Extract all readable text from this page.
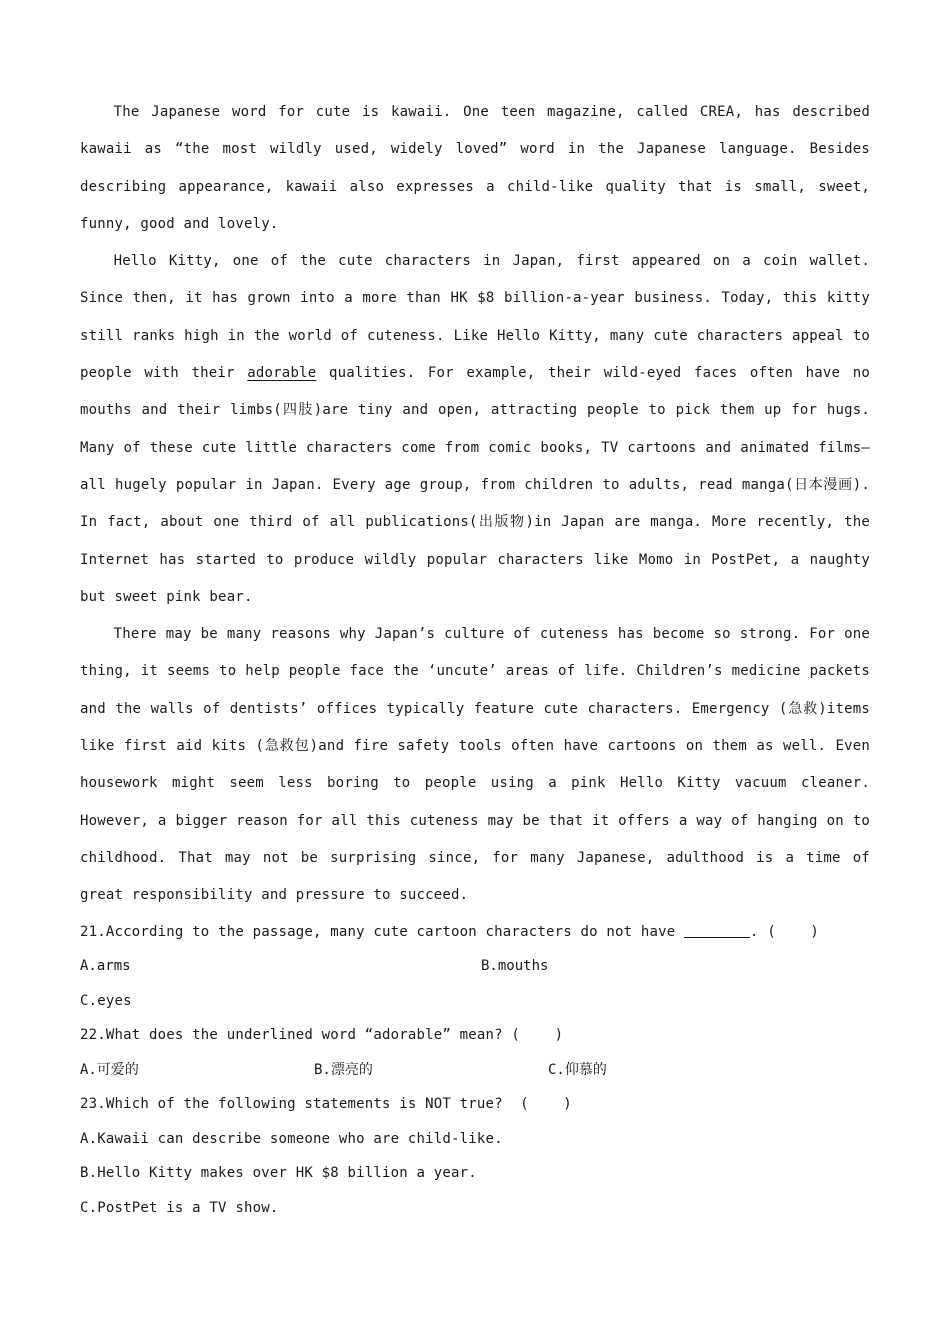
The Japanese word for cute is kawaii. One teen magazine, called CREA, has described kawaii as “the most wildly used, widely loved” word in the Japanese language. Besides describing appearance, kawaii also expresses a child-like quality that is small, sweet, funny, good and lovely.

Hello Kitty, one of the cute characters in Japan, first appeared on a coin wallet. Since then, it has grown into a more than HK $8 billion-a-year business. Today, this kitty still ranks high in the world of cuteness. Like Hello Kitty, many cute characters appeal to people with their adorable qualities. For example, their wild-eyed faces often have no mouths and their limbs(四肢)are tiny and open, attracting people to pick them up for hugs. Many of these cute little characters come from comic books, TV cartoons and animated films—all hugely popular in Japan. Every age group, from children to adults, read manga(日本漫画). In fact, about one third of all publications(出版物)in Japan are manga. More recently, the Internet has started to produce wildly popular characters like Momo in PostPet, a naughty but sweet pink bear.

There may be many reasons why Japan’s culture of cuteness has become so strong. For one thing, it seems to help people face the ‘uncute’ areas of life. Children’s medicine packets and the walls of dentists’ offices typically feature cute characters. Emergency (急救)items like first aid kits (急救包)and fire safety tools often have cartoons on them as well. Even housework might seem less boring to people using a pink Hello Kitty vacuum cleaner. However, a bigger reason for all this cuteness may be that it offers a way of hanging on to childhood. That may not be surprising since, for many Japanese, adulthood is a time of great responsibility and pressure to succeed.

21.According to the passage, many cute cartoon characters do not have	. (    )

A.arms

	B.mouths

C.eyes
22.What does the underlined word “adorable” mean? (    )

A.可爱的

	B.漂亮的

	C.仰慕的

23.Which of the following statements is NOT true?  (    )
A.Kawaii can describe someone who are child-like.
B.Hello Kitty makes over HK $8 billion a year.
C.PostPet is a TV show.
